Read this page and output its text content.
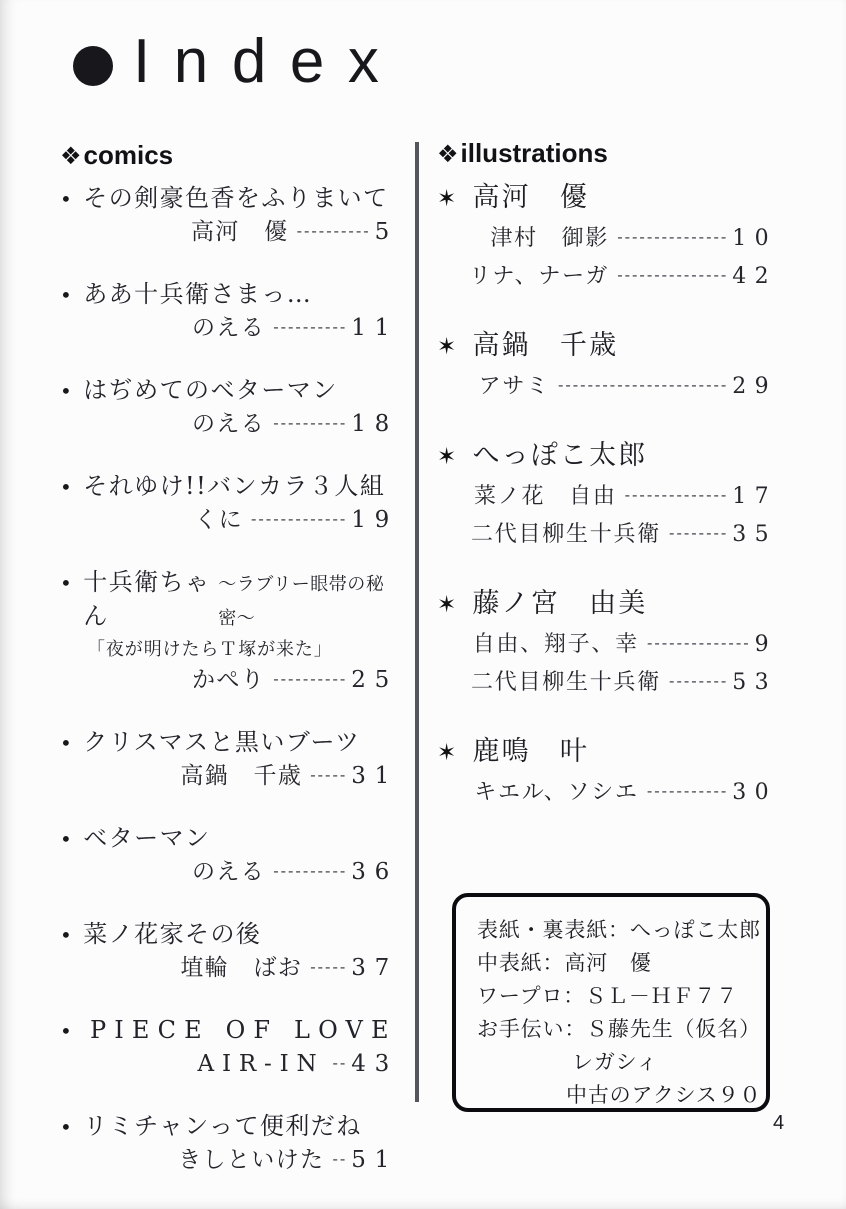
Index
❖ comics
• その剣豪色香をふりまいて
高河　優 ---------- 5
• ああ十兵衛さまっ…
のえる ---------- 11
• はぢめてのベターマン
のえる ---------- 18
• それゆけ!!バンカラ３人組
くに ------------- 19
• 十兵衛ちゃん
～ラブリー眼帯の秘密～
「夜が明けたらＴ塚が来た」
かぺり ---------- 25
• クリスマスと黒いブーツ
高鍋　千歳 ----- 31
• ベターマン
のえる ---------- 36
• 菜ノ花家その後
埴輪　ばお ----- 37
• PIECE OF LOVE
AIR-IN -- 43
• リミチャンって便利だね
きしといけた -- 51
❖ illustrations
✶ 高河　優
津村　御影 --------------- 10
リナ、ナーガ --------------- 42
✶ 高鍋　千歳
アサミ ----------------------- 29
✶ へっぽこ太郎
菜ノ花　自由 -------------- 17
二代目柳生十兵衛 -------- 35
✶ 藤ノ宮　由美
自由、翔子、幸 -------------- 9
二代目柳生十兵衛 -------- 53
✶ 鹿鳴　叶
キエル、ソシエ ----------- 30
表紙・裏表紙：へっぽこ太郎
中表紙：高河　優
ワープロ：ＳＬ－ＨＦ７７
お手伝い：Ｓ藤先生（仮名）
レガシィ
中古のアクシス９０
4
